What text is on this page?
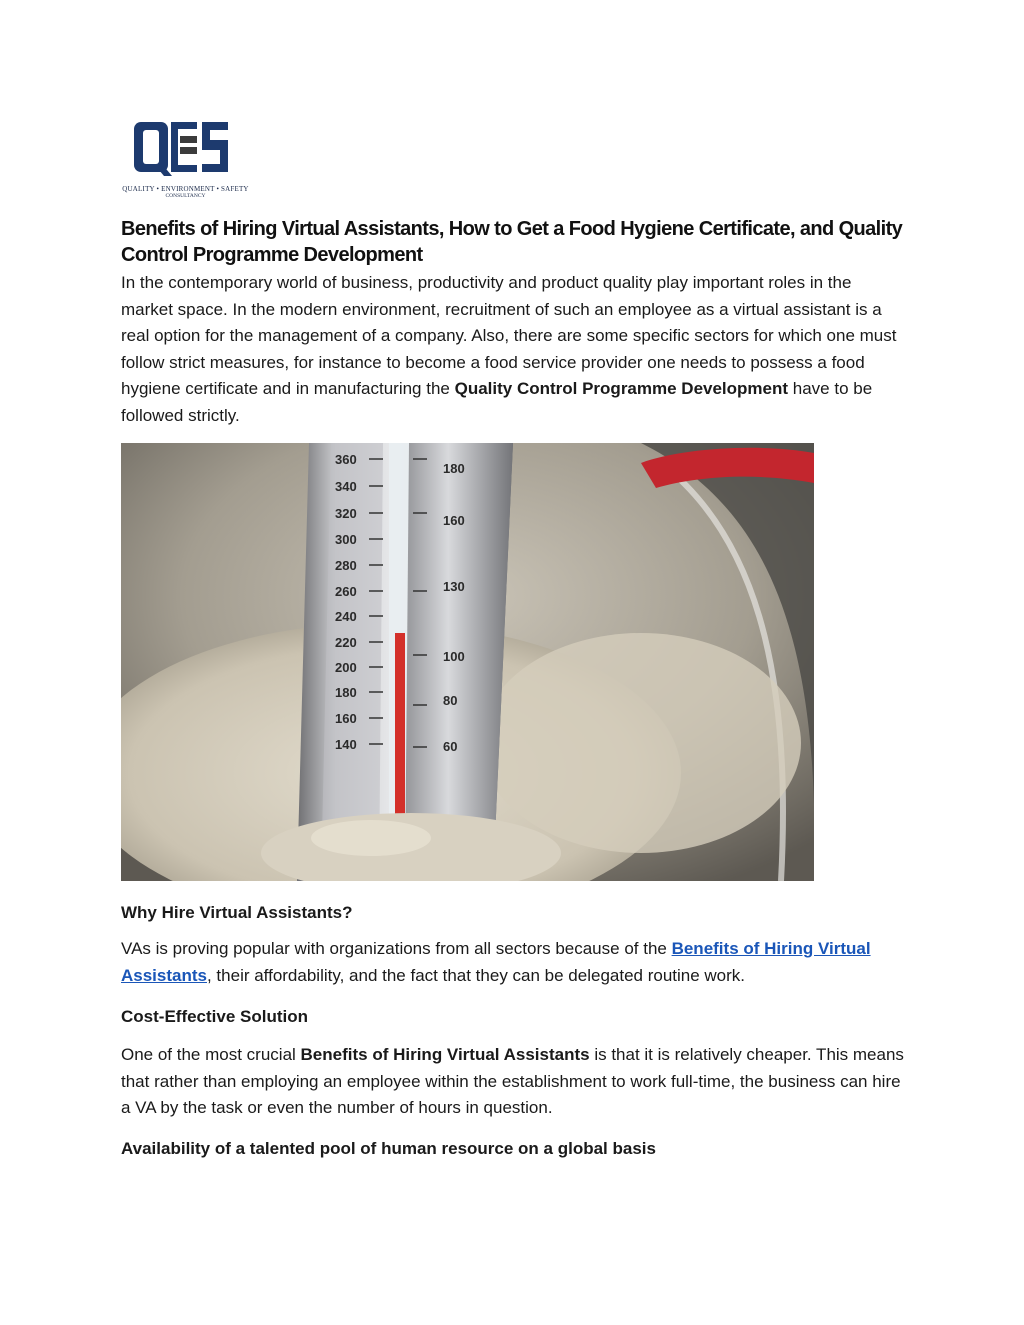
QUALITY • ENVIRONMENT • SAFETY
CONSULTANCY
Benefits of Hiring Virtual Assistants, How to Get a Food Hygiene Certificate, and Quality Control Programme Development
In the contemporary world of business, productivity and product quality play important roles in the market space. In the modern environment, recruitment of such an employee as a virtual assistant is a real option for the management of a company. Also, there are some specific sectors for which one must follow strict measures, for instance to become a food service provider one needs to possess a food hygiene certificate and in manufacturing the Quality Control Programme Development have to be followed strictly.
360
340
320
300
280
260
240
220
200
180
160
140
180
160
130
100
80
60
Why Hire Virtual Assistants?
VAs is proving popular with organizations from all sectors because of the Benefits of Hiring Virtual Assistants, their affordability, and the fact that they can be delegated routine work.
Cost-Effective Solution
One of the most crucial Benefits of Hiring Virtual Assistants is that it is relatively cheaper. This means that rather than employing an employee within the establishment to work full-time, the business can hire a VA by the task or even the number of hours in question.
Availability of a talented pool of human resource on a global basis
